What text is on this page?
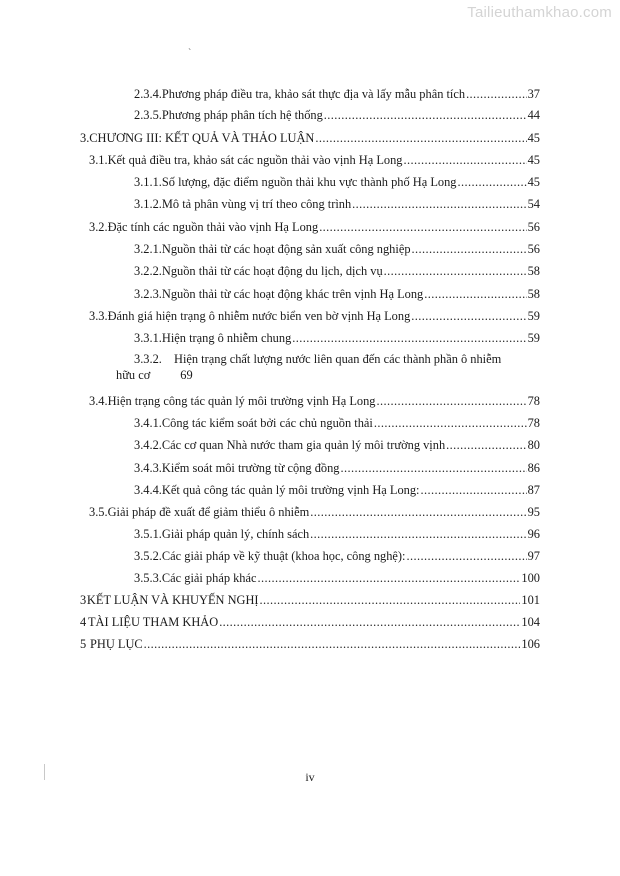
Tailieuthamkhao.com
`
2.3.4. Phương pháp điều tra, khảo sát thực địa và lấy mẫu phân tích .....	37
2.3.5. Phương pháp phân tích hệ thống .....	44
3. CHƯƠNG III: KẾT QUẢ VÀ THẢO LUẬN .....	45
3.1. Kết quả điều tra, khảo sát các nguồn thải vào vịnh Hạ Long .....	45
3.1.1. Số lượng, đặc điểm nguồn thải khu vực thành phố Hạ Long .....	45
3.1.2. Mô tả phân vùng vị trí theo công trình .....	54
3.2. Đặc tính các nguồn thải vào vịnh Hạ Long .....	56
3.2.1. Nguồn thải từ các hoạt động sản xuất công nghiệp .....	56
3.2.2. Nguồn thải từ các hoạt động du lịch, dịch vụ .....	58
3.2.3. Nguồn thải từ các hoạt động khác trên vịnh Hạ Long .....	58
3.3. Đánh giá hiện trạng ô nhiễm nước biển ven bờ vịnh Hạ Long .....	59
3.3.1. Hiện trạng ô nhiễm chung .....	59
3.3.2. Hiện trạng chất lượng nước liên quan đến các thành phần ô nhiễm
hữu cơ 69
3.4. Hiện trạng công tác quản lý môi trường vịnh Hạ Long .....	78
3.4.1. Công tác kiểm soát bởi các chủ nguồn thải .....	78
3.4.2. Các cơ quan Nhà nước tham gia quản lý môi trường vịnh .....	80
3.4.3. Kiểm soát môi trường từ cộng đồng .....	86
3.4.4. Kết quả công tác quản lý môi trường vịnh Hạ Long: .....	87
3.5. Giải pháp đề xuất để giảm thiểu ô nhiễm .....	95
3.5.1. Giải pháp quản lý, chính sách .....	96
3.5.2. Các giải pháp về kỹ thuật (khoa học, công nghệ): .....	97
3.5.3. Các giải pháp khác .....	100
3 KẾT LUẬN VÀ KHUYẾN NGHỊ .....	101
4 TÀI LIỆU THAM KHẢO .....	104
5 PHỤ LỤC .....	106
iv
